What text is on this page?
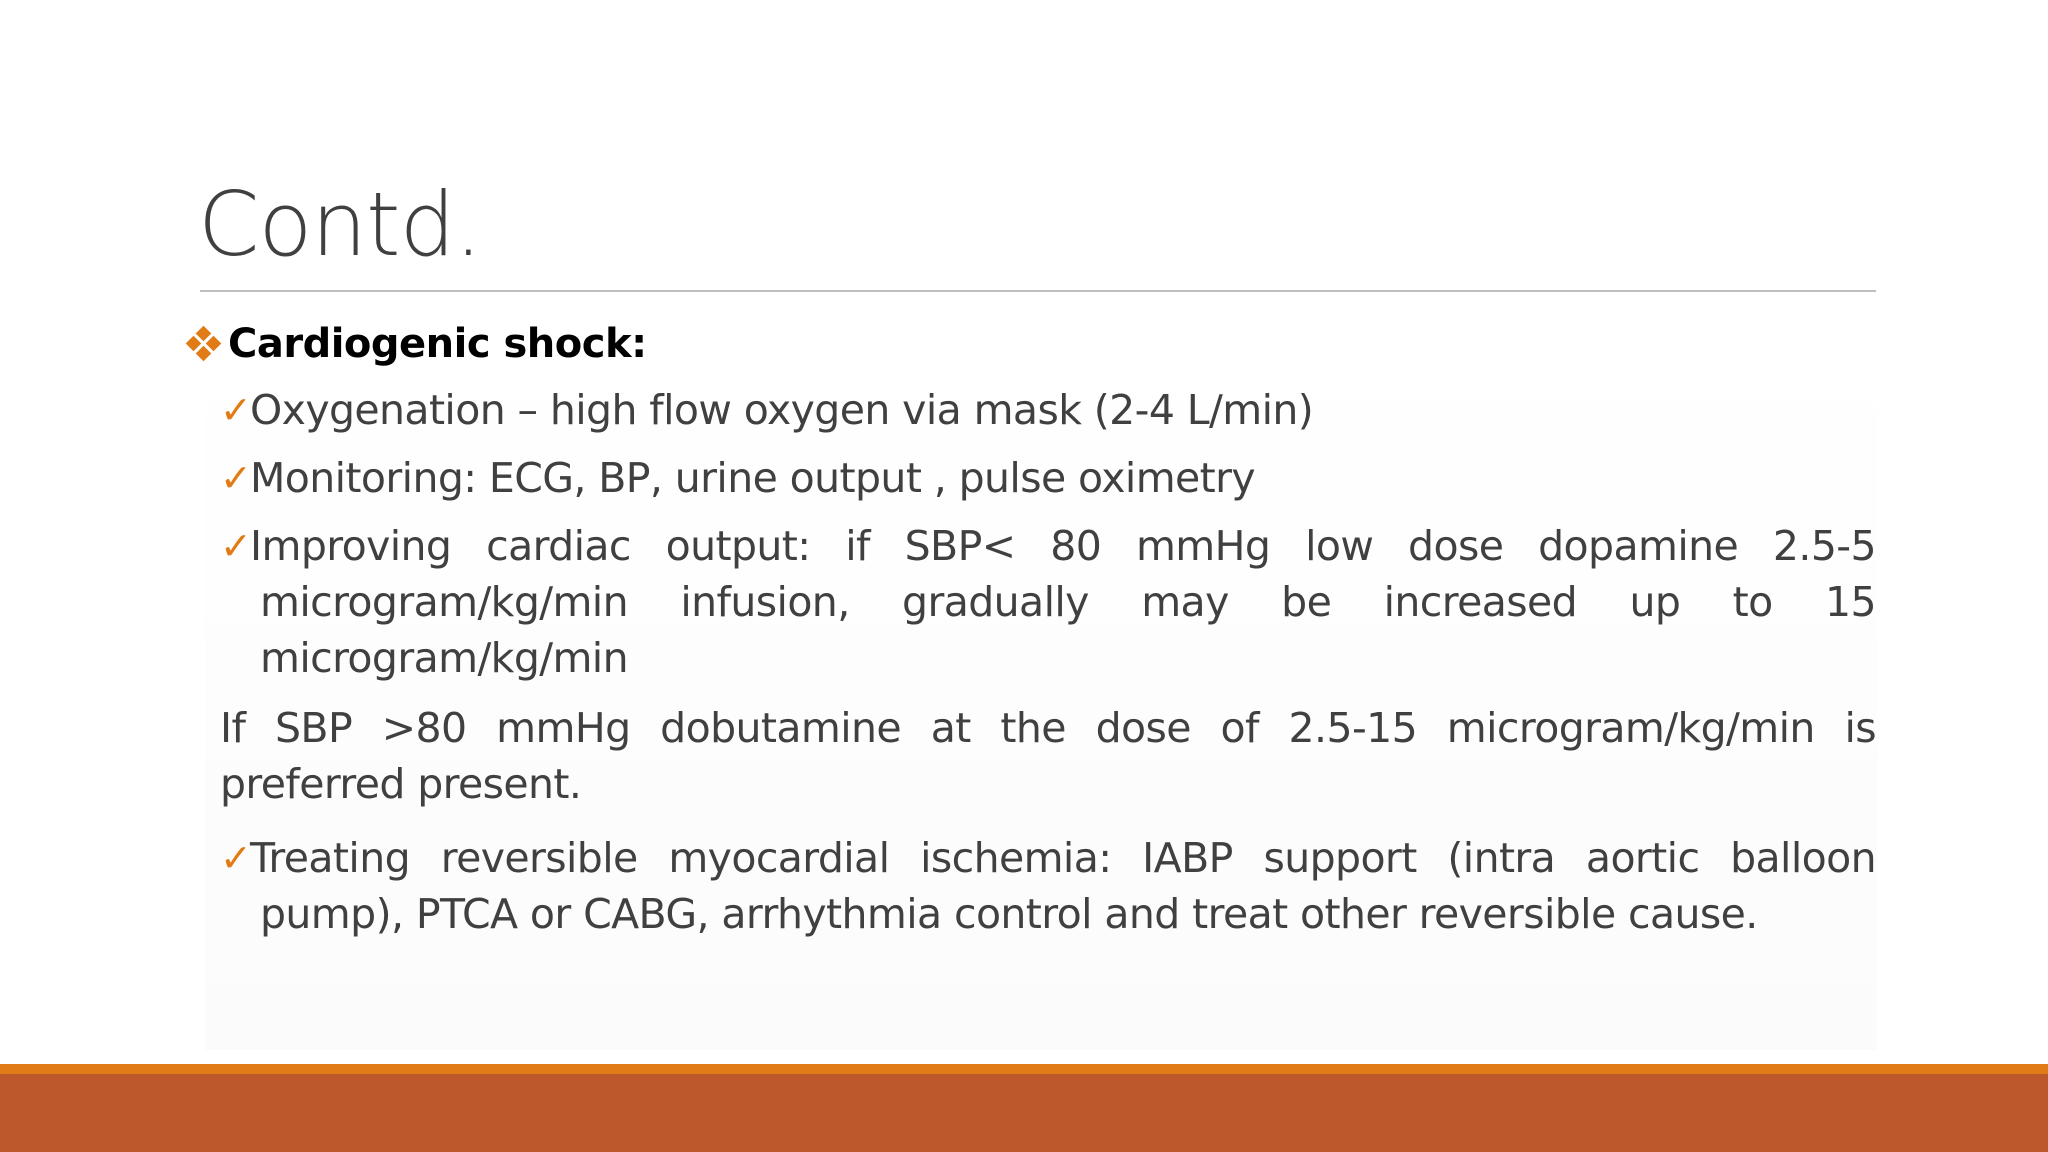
Contd.
Cardiogenic shock:
✓
Oxygenation – high flow oxygen via mask (2-4 L/min)
✓
Monitoring: ECG, BP, urine output , pulse oximetry
✓
Improving cardiac output: if SBP< 80 mmHg low dose dopamine 2.5-5 microgram/kg/min infusion, gradually may be increased up to 15 microgram/kg/min
If SBP >80 mmHg dobutamine at the dose of 2.5-15 microgram/kg/min is preferred present.
✓
Treating reversible myocardial ischemia: IABP support (intra aortic balloon pump), PTCA or CABG, arrhythmia control and treat other reversible cause.
